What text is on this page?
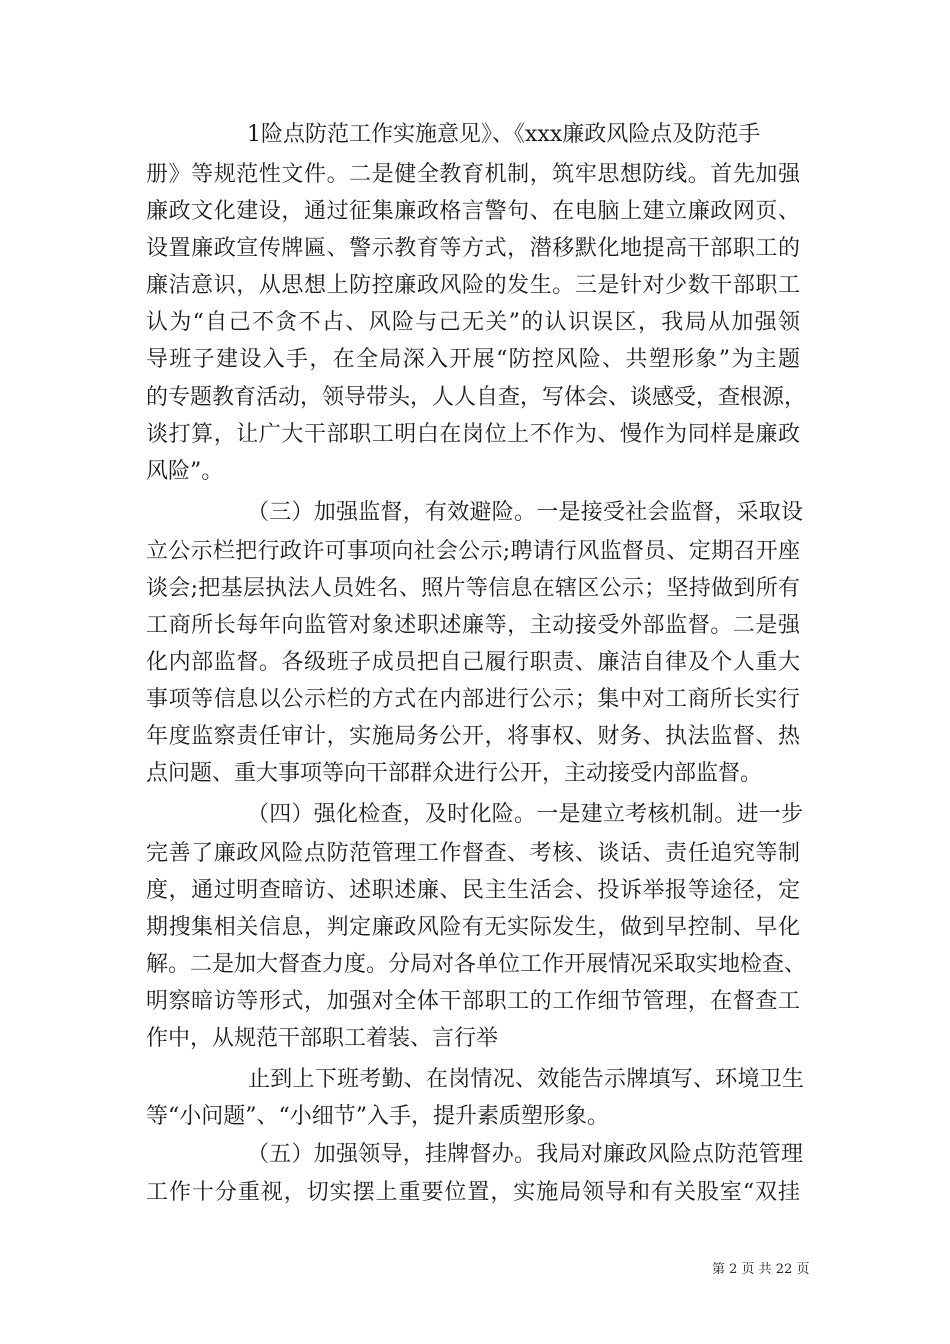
1险点防范工作实施意见》、《xxx廉政风险点及防范手
册》等规范性文件。二是健全教育机制，筑牢思想防线。首先加强
廉政文化建设，通过征集廉政格言警句、在电脑上建立廉政网页、
设置廉政宣传牌匾、警示教育等方式，潜移默化地提高干部职工的
廉洁意识，从思想上防控廉政风险的发生。三是针对少数干部职工
认为“自己不贪不占、风险与己无关”的认识误区，我局从加强领
导班子建设入手，在全局深入开展“防控风险、共塑形象”为主题
的专题教育活动，领导带头，人人自查，写体会、谈感受，查根源，
谈打算，让广大干部职工明白在岗位上不作为、慢作为同样是廉政
风险”。
（三）加强监督，有效避险。一是接受社会监督，采取设
立公示栏把行政许可事项向社会公示;聘请行风监督员、定期召开座
谈会;把基层执法人员姓名、照片等信息在辖区公示；坚持做到所有
工商所长每年向监管对象述职述廉等，主动接受外部监督。二是强
化内部监督。各级班子成员把自己履行职责、廉洁自律及个人重大
事项等信息以公示栏的方式在内部进行公示；集中对工商所长实行
年度监察责任审计，实施局务公开，将事权、财务、执法监督、热
点问题、重大事项等向干部群众进行公开，主动接受内部监督。
（四）强化检查，及时化险。一是建立考核机制。进一步
完善了廉政风险点防范管理工作督查、考核、谈话、责任追究等制
度，通过明查暗访、述职述廉、民主生活会、投诉举报等途径，定
期搜集相关信息，判定廉政风险有无实际发生，做到早控制、早化
解。二是加大督查力度。分局对各单位工作开展情况采取实地检查、
明察暗访等形式，加强对全体干部职工的工作细节管理，在督查工
作中，从规范干部职工着装、言行举
止到上下班考勤、在岗情况、效能告示牌填写、环境卫生
等“小问题”、“小细节”入手，提升素质塑形象。
（五）加强领导，挂牌督办。我局对廉政风险点防范管理
工作十分重视，切实摆上重要位置，实施局领导和有关股室“双挂
第 2 页 共 22 页
